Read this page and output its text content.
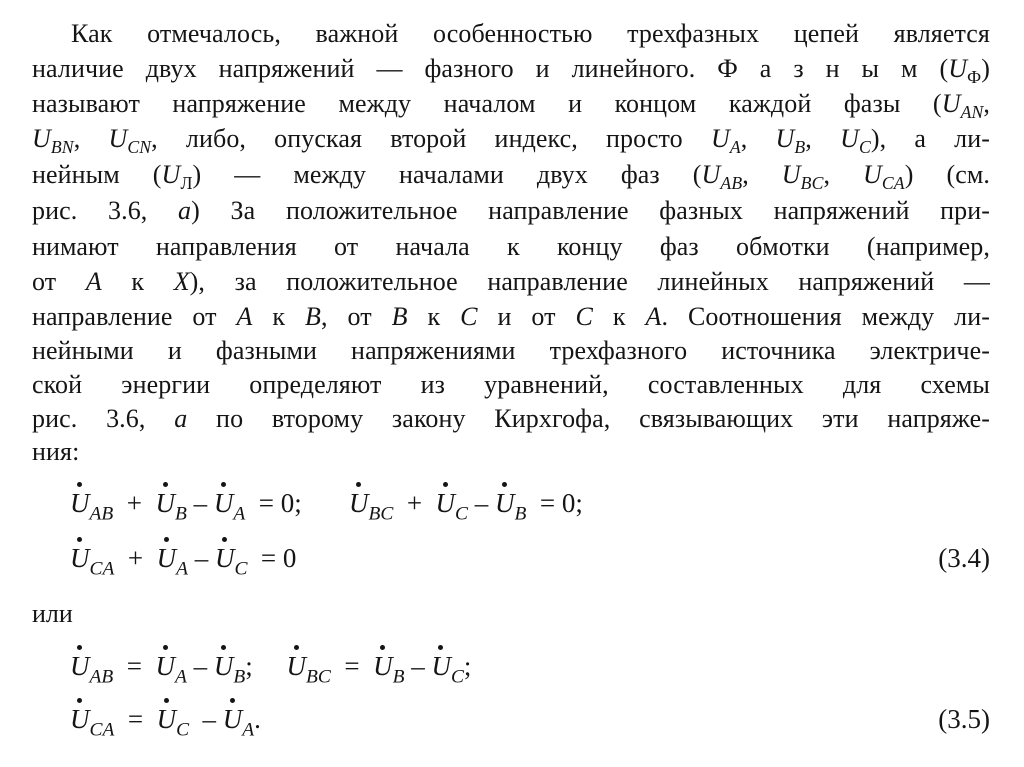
Как отмечалось, важной особенностью трехфазных цепей является
наличие двух напряжений — фазного и линейного. Ф а з н ы м $(U_Ф)$
называют напряжение между началом и концом каждой фазы ($U_{AN}$,
$U_{BN}$, $U_{CN}$, либо, опуская второй индекс, просто $U_A$, $U_B$, $U_C$), а ли-
нейным $(U_Л)$ — между началами двух фаз ($U_{AB}$, $U_{BC}$, $U_{CA}$) (см.
рис. 3.6, а) За положительное направление фазных напряжений при-
нимают направления от начала к концу фаз обмотки (например,
от A к X), за положительное направление линейных напряжений —
направление от A к B, от B к C и от C к A. Соотношения между ли-
нейными и фазными напряжениями трехфазного источника электриче-
ской энергии определяют из уравнений, составленных для схемы
рис. 3.6, а по второму закону Кирхгофа, связывающих эти напряже-
ния:
$U_{AB}$  +
$U_B$ –
$U_A = 0$;
$U_{BC}$  +
$U_C$ –
$U_B = 0$;
$U_{CA}$  +
$U_A$ –
$U_C = 0$	(3.4)
или
$U_{AB}$  =
$U_A$ –
$U_B$;
$U_{BC}$  =
$U_B$ –
$U_C$;
$U_{CA}$  =
$U_C$  –
$U_A$.	(3.5)
